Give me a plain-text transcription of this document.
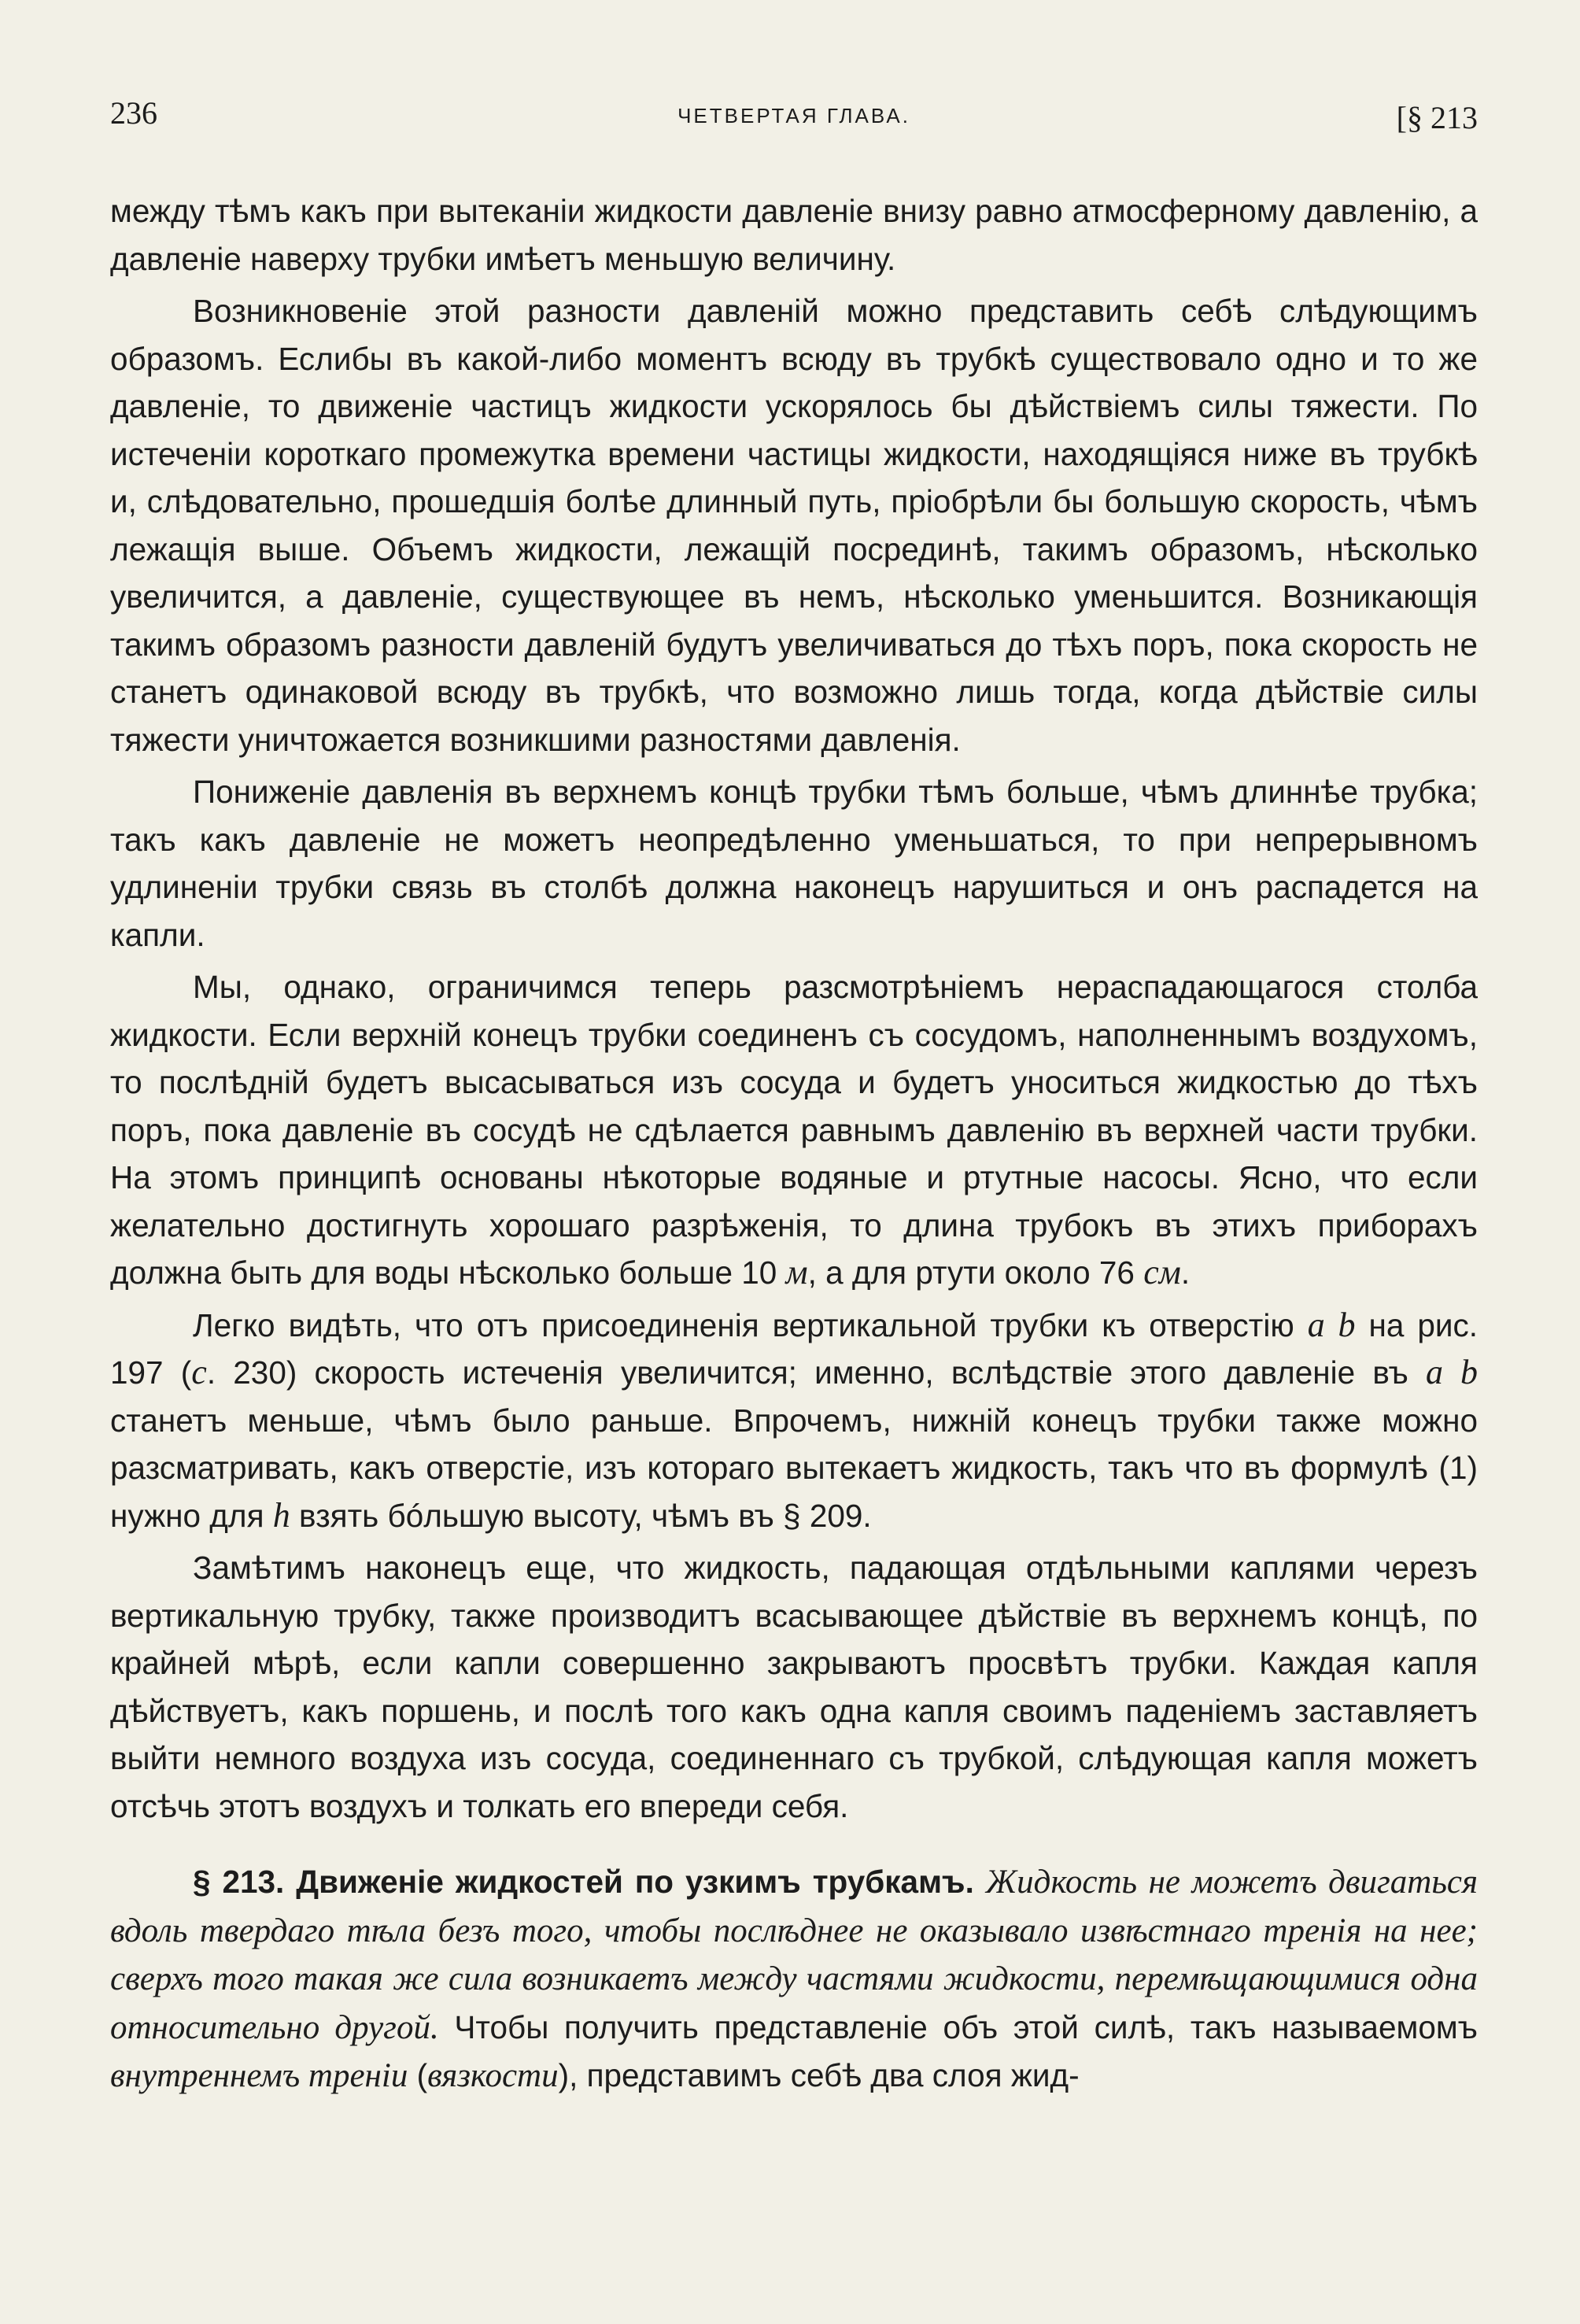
236	ЧЕТВЕРТАЯ ГЛАВА.	[§ 213

между тѣмъ какъ при вытеканіи жидкости давленіе внизу равно атмосферному давленію, а давленіе наверху трубки имѣетъ меньшую величину.

Возникновеніе этой разности давленій можно представить себѣ слѣдующимъ образомъ. Еслибы въ какой-либо моментъ всюду въ трубкѣ существовало одно и то же давленіе, то движеніе частицъ жидкости ускорялось бы дѣйствіемъ силы тяжести. По истеченіи короткаго промежутка времени частицы жидкости, находящіяся ниже въ трубкѣ и, слѣдовательно, прошедшія болѣе длинный путь, пріобрѣли бы большую скорость, чѣмъ лежащія выше. Объемъ жидкости, лежащій посрединѣ, такимъ образомъ, нѣсколько увеличится, а давленіе, существующее въ немъ, нѣсколько уменьшится. Возникающія такимъ образомъ разности давленій будутъ увеличиваться до тѣхъ поръ, пока скорость не станетъ одинаковой всюду въ трубкѣ, что возможно лишь тогда, когда дѣйствіе силы тяжести уничтожается возникшими разностями давленія.

Пониженіе давленія въ верхнемъ концѣ трубки тѣмъ больше, чѣмъ длиннѣе трубка; такъ какъ давленіе не можетъ неопредѣленно уменьшаться, то при непрерывномъ удлиненіи трубки связь въ столбѣ должна наконецъ нарушиться и онъ распадется на капли.

Мы, однако, ограничимся теперь разсмотрѣніемъ нераспадающагося столба жидкости. Если верхній конецъ трубки соединенъ съ сосудомъ, наполненнымъ воздухомъ, то послѣдній будетъ высасываться изъ сосуда и будетъ уноситься жидкостью до тѣхъ поръ, пока давленіе въ сосудѣ не сдѣлается равнымъ давленію въ верхней части трубки. На этомъ принципѣ основаны нѣкоторые водяные и ртутные насосы. Ясно, что если желательно достигнуть хорошаго разрѣженія, то длина трубокъ въ этихъ приборахъ должна быть для воды нѣсколько больше 10 м, а для ртути около 76 см.

Легко видѣть, что отъ присоединенія вертикальной трубки къ отверстію a b на рис. 197 (с. 230) скорость истеченія увеличится; именно, вслѣдствіе этого давленіе въ a b станетъ меньше, чѣмъ было раньше. Впрочемъ, нижній конецъ трубки также можно разсматривать, какъ отверстіе, изъ котораго вытекаетъ жидкость, такъ что въ формулѣ (1) нужно для h взять бóльшую высоту, чѣмъ въ § 209.

Замѣтимъ наконецъ еще, что жидкость, падающая отдѣльными каплями черезъ вертикальную трубку, также производитъ всасывающее дѣйствіе въ верхнемъ концѣ, по крайней мѣрѣ, если капли совершенно закрываютъ просвѣтъ трубки. Каждая капля дѣйствуетъ, какъ поршень, и послѣ того какъ одна капля своимъ паденіемъ заставляетъ выйти немного воздуха изъ сосуда, соединеннаго съ трубкой, слѣдующая капля можетъ отсѣчь этотъ воздухъ и толкать его впереди себя.

§ 213. Движеніе жидкостей по узкимъ трубкамъ. Жидкость не можетъ двигаться вдоль твердаго тѣла безъ того, чтобы послѣднее не оказывало извѣстнаго тренія на нее; сверхъ того такая же сила возникаетъ между частями жидкости, перемѣщающимися одна относительно другой. Чтобы получить представленіе объ этой силѣ, такъ называемомъ внутреннемъ треніи (вязкости), представимъ себѣ два слоя жид-
